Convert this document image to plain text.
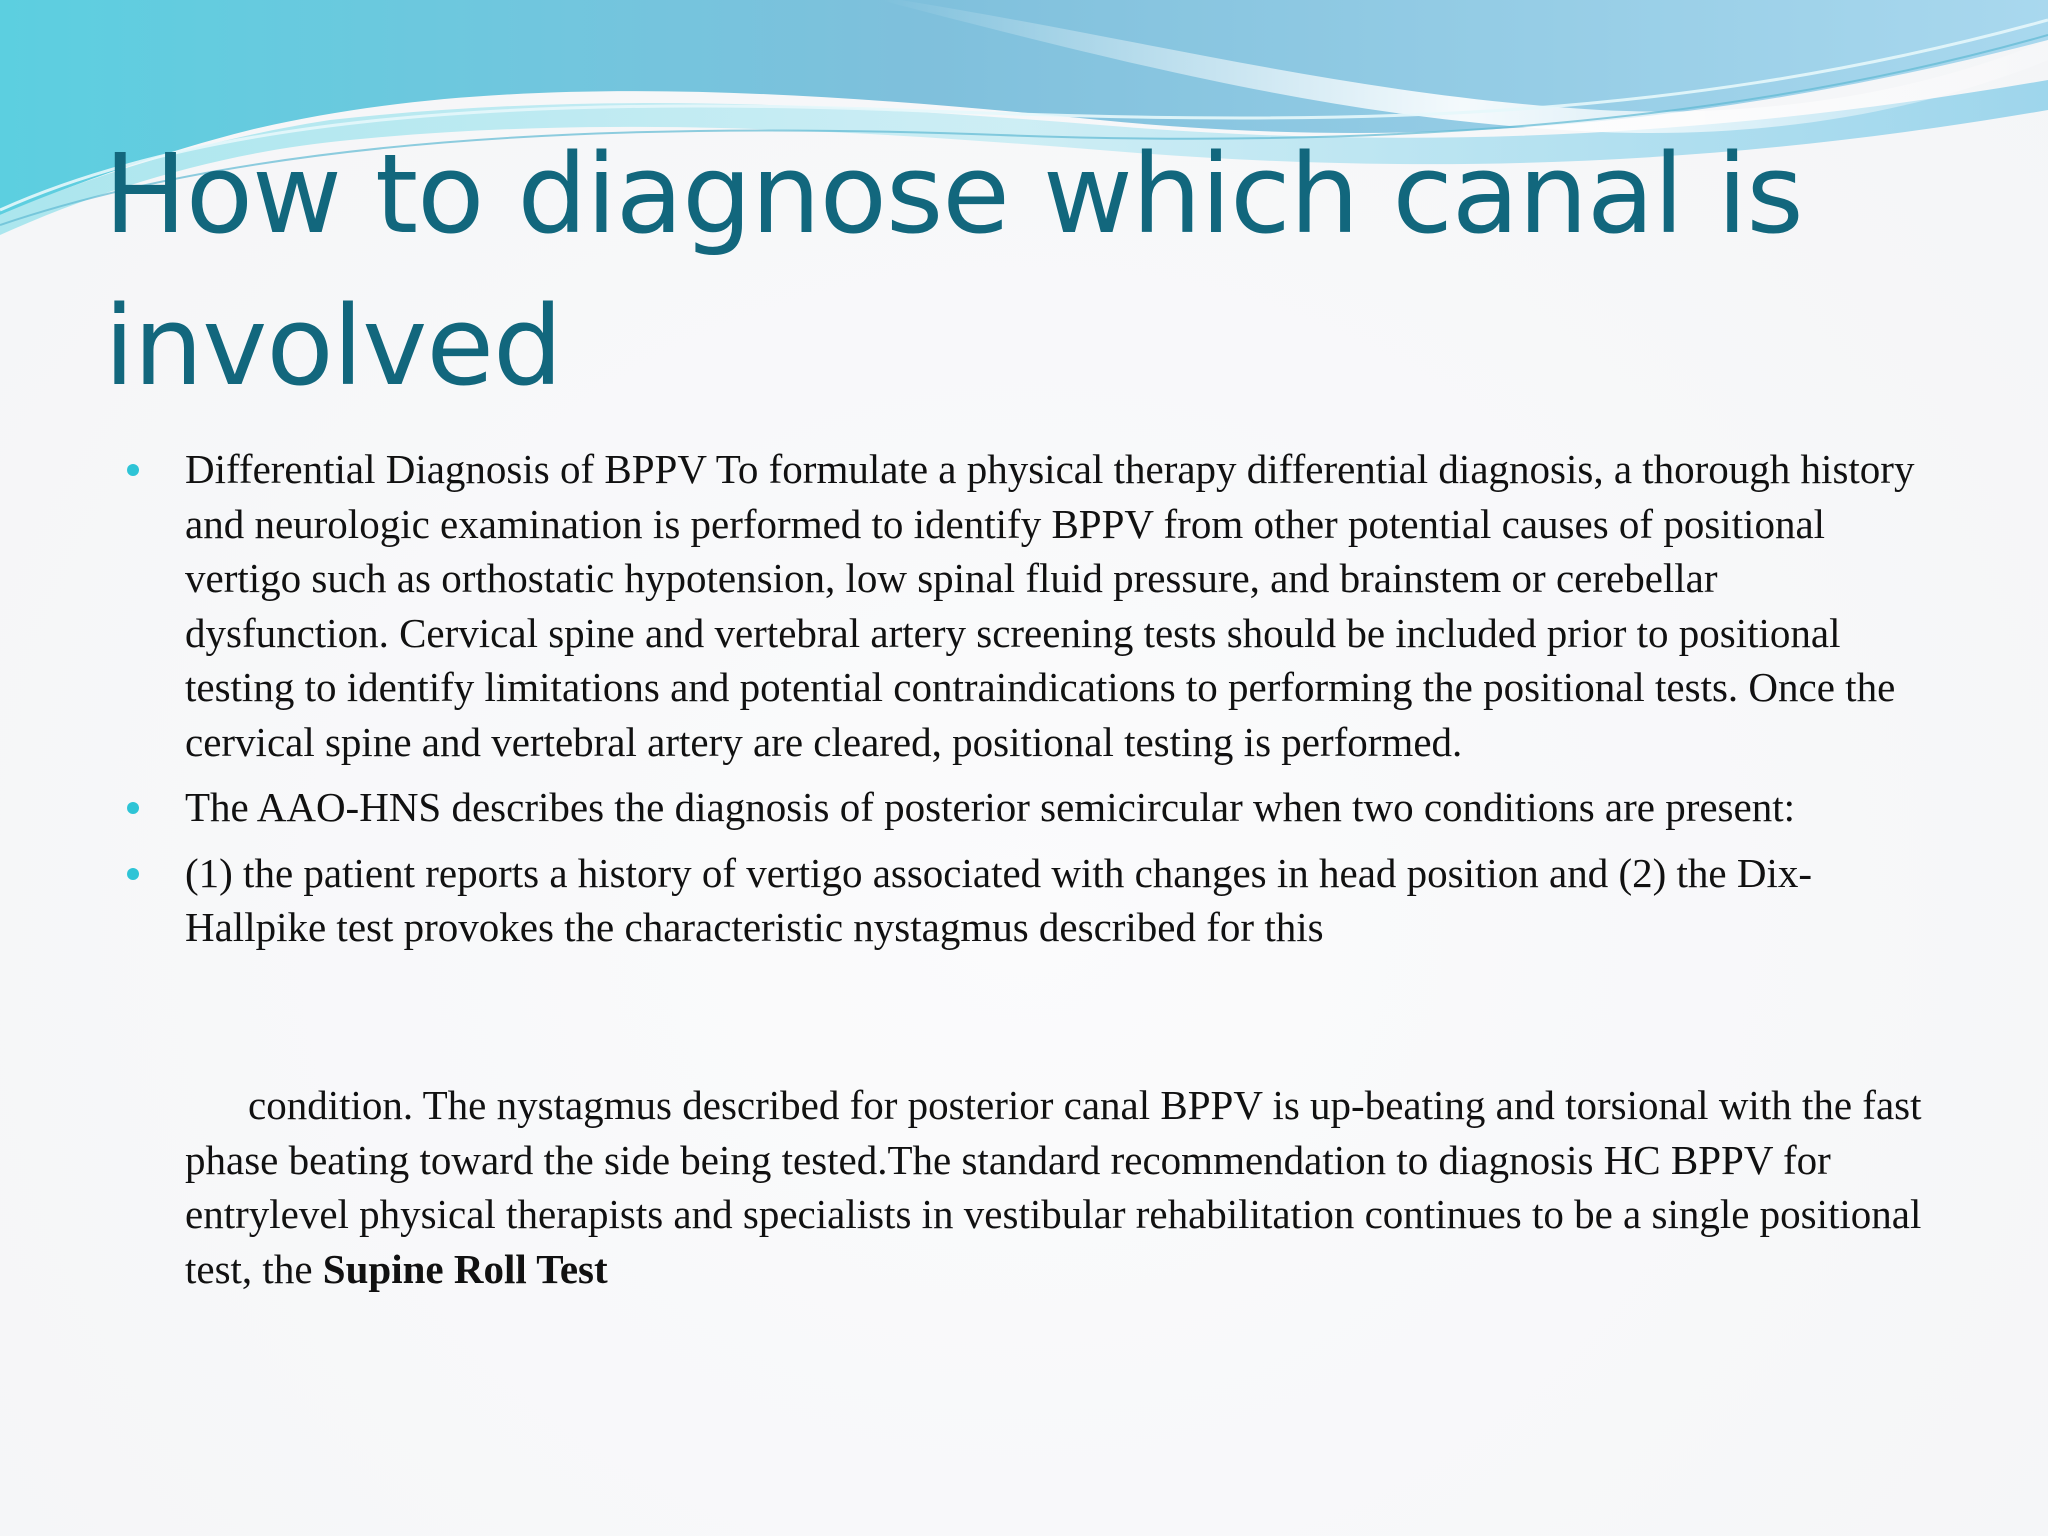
How to diagnose which canal is involved
Differential Diagnosis of BPPV To formulate a physical therapy differential diagnosis, a thorough history and neurologic examination is performed to identify BPPV from other potential causes of positional vertigo such as orthostatic hypotension, low spinal fluid pressure, and brainstem or cerebellar dysfunction. Cervical spine and vertebral artery screening tests should be included prior to positional testing to identify limitations and potential contraindications to performing the positional tests. Once the cervical spine and vertebral artery are cleared, positional testing is performed.
The AAO-HNS describes the diagnosis of posterior semicircular when two conditions are present:
(1) the patient reports a history of vertigo associated with changes in head position and (2) the Dix-Hallpike test provokes the characteristic nystagmus described for this

condition. The nystagmus described for posterior canal BPPV is up-beating and torsional with the fast phase beating toward the side being tested.The standard recommendation to diagnosis HC BPPV for entrylevel physical therapists and specialists in vestibular rehabilitation continues to be a single positional test, the Supine Roll Test
